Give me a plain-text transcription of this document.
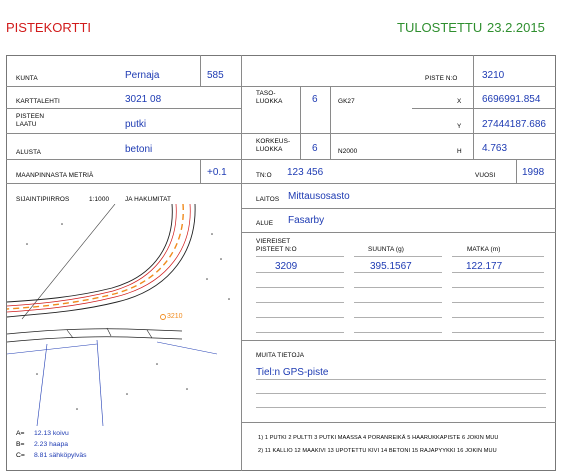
PISTEKORTTI	TULOSTETTU 23.2.2015
KUNTA	Pernaja	585
KARTTALEHTI	3021 08
PISTEEN
LAATU	putki
ALUSTA	betoni
MAANPINNASTA METRIÄ	+0.1
SIJAINTIPIIRROS	1:1000 JA HAKUMITAT
3210
A= 12.13 koivu
B= 2.23 haapa
C= 8.81 sähköpylväs
PISTE N:O 3210
TASO-
LUOKKA	6	GK27	X 6696991.854
Y 27444187.686
KORKEUS-
LUOKKA	6	N2000	H 4.763
TN:O 123 456	VUOSI	1998
LAITOS Mittausosasto
ALUE Fasarby
VIEREISET
PISTEET N:O	SUUNTA (g)	MATKA (m)
3209	395.1567	122.177
MUITA TIETOJA
Tiel:n GPS-piste
1) 1 PUTKI 2 PULTTI 3 PUTKI MAASSA 4 PORANREIKÄ 5 HAARUKKAPISTE 6 JOKIN MUU
2) 11 KALLIO 12 MAAKIVI 13 UPOTETTU KIVI 14 BETONI 15 RAJAPYYKKI 16 JOKIN MUU
